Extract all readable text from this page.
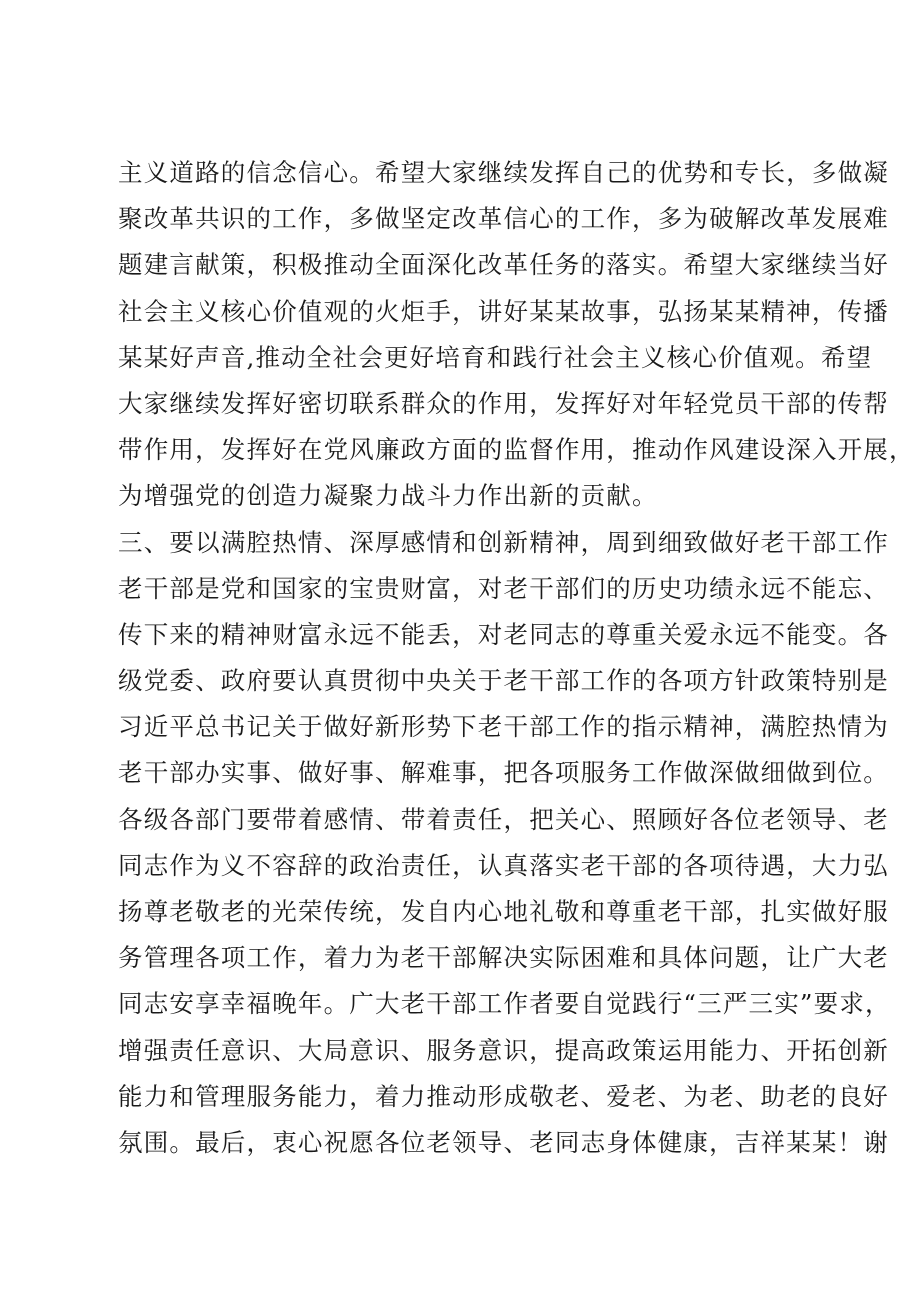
主义道路的信念信心。希望大家继续发挥自己的优势和专长，多做凝
聚改革共识的工作，多做坚定改革信心的工作，多为破解改革发展难
题建言献策，积极推动全面深化改革任务的落实。希望大家继续当好
社会主义核心价值观的火炬手，讲好某某故事，弘扬某某精神，传播
某某好声音,推动全社会更好培育和践行社会主义核心价值观。希望
大家继续发挥好密切联系群众的作用，发挥好对年轻党员干部的传帮
带作用，发挥好在党风廉政方面的监督作用，推动作风建设深入开展，
为增强党的创造力凝聚力战斗力作出新的贡献。
三、要以满腔热情、深厚感情和创新精神，周到细致做好老干部工作
老干部是党和国家的宝贵财富，对老干部们的历史功绩永远不能忘、
传下来的精神财富永远不能丢，对老同志的尊重关爱永远不能变。各
级党委、政府要认真贯彻中央关于老干部工作的各项方针政策特别是
习近平总书记关于做好新形势下老干部工作的指示精神，满腔热情为
老干部办实事、做好事、解难事，把各项服务工作做深做细做到位。
各级各部门要带着感情、带着责任，把关心、照顾好各位老领导、老
同志作为义不容辞的政治责任，认真落实老干部的各项待遇，大力弘
扬尊老敬老的光荣传统，发自内心地礼敬和尊重老干部，扎实做好服
务管理各项工作，着力为老干部解决实际困难和具体问题，让广大老
同志安享幸福晚年。广大老干部工作者要自觉践行“三严三实”要求，
增强责任意识、大局意识、服务意识，提高政策运用能力、开拓创新
能力和管理服务能力，着力推动形成敬老、爱老、为老、助老的良好
氛围。最后，衷心祝愿各位老领导、老同志身体健康，吉祥某某！谢
